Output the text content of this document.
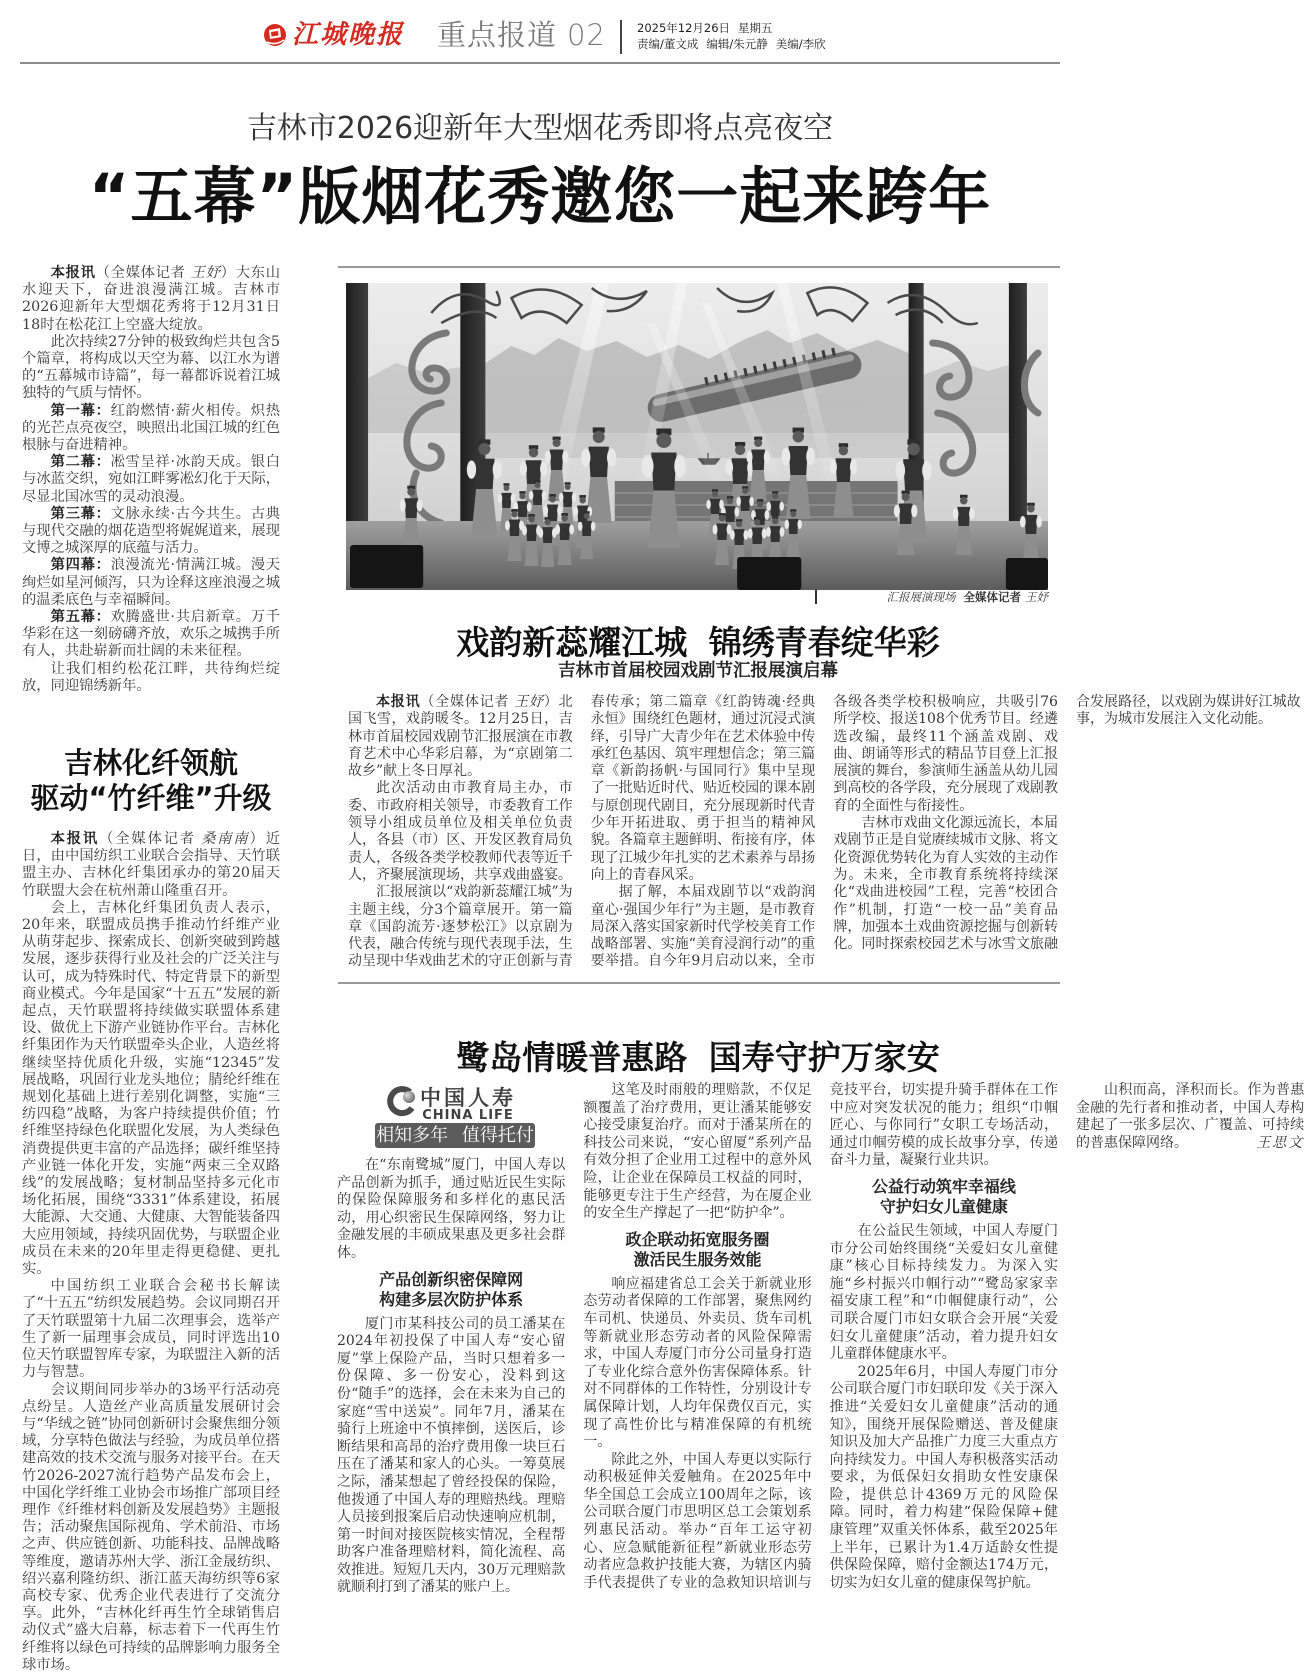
江城晚报 重点报道 02	2025年12月26日 星期五
责编/董文成 编辑/朱元静 美编/李欣
吉林市2026迎新年大型烟花秀即将点亮夜空
“五幕”版烟花秀邀您一起来跨年

本报讯（全媒体记者 王妤）大东山水迎天下，奋进浪漫满江城。吉林市2026迎新年大型烟花秀将于12月31日18时在松花江上空盛大绽放。

此次持续27分钟的极致绚烂共包含5个篇章，将构成以天空为幕、以江水为谱的“五幕城市诗篇”，每一幕都诉说着江城独特的气质与情怀。

第一幕：红韵燃情·薪火相传。炽热的光芒点亮夜空，映照出北国江城的红色根脉与奋进精神。

第二幕：凇雪呈祥·冰韵天成。银白与冰蓝交织，宛如江畔雾凇幻化于天际，尽显北国冰雪的灵动浪漫。

第三幕：文脉永续·古今共生。古典与现代交融的烟花造型将娓娓道来，展现文博之城深厚的底蕴与活力。

第四幕：浪漫流光·情满江城。漫天绚烂如星河倾泻，只为诠释这座浪漫之城的温柔底色与幸福瞬间。

第五幕：欢腾盛世·共启新章。万千华彩在这一刻磅礴齐放，欢乐之城携手所有人，共赴崭新而壮阔的未来征程。

让我们相约松花江畔，共待绚烂绽放，同迎锦绣新年。

吉林化纤领航
驱动“竹纤维”升级

本报讯（全媒体记者 桑南南）近日，由中国纺织工业联合会指导、天竹联盟主办、吉林化纤集团承办的第20届天竹联盟大会在杭州萧山隆重召开。

会上，吉林化纤集团负责人表示，20年来，联盟成员携手推动竹纤维产业从萌芽起步、探索成长、创新突破到跨越发展，逐步获得行业及社会的广泛关注与认可，成为特殊时代、特定背景下的新型商业模式。今年是国家“十五五”发展的新起点，天竹联盟将持续做实联盟体系建设、做优上下游产业链协作平台。吉林化纤集团作为天竹联盟牵头企业，人造丝将继续坚持优质化升级，实施“12345”发展战略，巩固行业龙头地位；腈纶纤维在规划化基础上进行差别化调整，实施“三纺四稳”战略，为客户持续提供价值；竹纤维坚持绿色化联盟化发展，为人类绿色消费提供更丰富的产品选择；碳纤维坚持产业链一体化开发，实施“两束三全双路线”的发展战略；复材制品坚持多元化市场化拓展，围绕“3331”体系建设，拓展大能源、大交通、大健康、大智能装备四大应用领域，持续巩固优势，与联盟企业成员在未来的20年里走得更稳健、更扎实。

中国纺织工业联合会秘书长解读了“十五五”纺织发展趋势。会议同期召开了天竹联盟第十九届二次理事会，选举产生了新一届理事会成员，同时评选出10位天竹联盟智库专家，为联盟注入新的活力与智慧。

会议期间同步举办的3场平行活动亮点纷呈。人造丝产业高质量发展研讨会与“华绒之链”协同创新研讨会聚焦细分领域，分享特色做法与经验，为成员单位搭建高效的技术交流与服务对接平台。在天竹2026-2027流行趋势产品发布会上，中国化学纤维工业协会市场推广部项目经理作《纤维材料创新及发展趋势》主题报告；活动聚焦国际视角、学术前沿、市场之声、供应链创新、功能科技、品牌战略等维度，邀请苏州大学、浙江金晟纺织、绍兴嘉利隆纺织、浙江蓝天海纺织等6家高校专家、优秀企业代表进行了交流分享。此外，“吉林化纤再生竹全球销售启动仪式”盛大启幕，标志着下一代再生竹纤维将以绿色可持续的品牌影响力服务全球市场。

汇报展演现场 全媒体记者 王妤
戏韵新蕊耀江城 锦绣青春绽华彩
吉林市首届校园戏剧节汇报展演启幕

本报讯（全媒体记者 王妤）北国飞雪，戏韵暖冬。12月25日，吉林市首届校园戏剧节汇报展演在市教育艺术中心华彩启幕，为“京剧第二故乡”献上冬日厚礼。

此次活动由市教育局主办，市委、市政府相关领导，市委教育工作领导小组成员单位及相关单位负责人，各县（市）区、开发区教育局负责人，各级各类学校教师代表等近千人，齐聚展演现场，共享戏曲盛宴。

汇报展演以“戏韵新蕊耀江城”为主题主线，分3个篇章展开。第一篇章《国韵流芳·逐梦松江》以京剧为代表，融合传统与现代表现手法，生动呈现中华戏曲艺术的守正创新与青春传承；第二篇章《红韵铸魂·经典永恒》围绕红色题材，通过沉浸式演绎，引导广大青少年在艺术体验中传承红色基因、筑牢理想信念；第三篇章《新韵扬帆·与国同行》集中呈现了一批贴近时代、贴近校园的课本剧与原创现代剧目，充分展现新时代青少年开拓进取、勇于担当的精神风貌。各篇章主题鲜明、衔接有序，体现了江城少年扎实的艺术素养与昂扬向上的青春风采。

据了解，本届戏剧节以“戏韵润童心·强国少年行”为主题，是市教育局深入落实国家新时代学校美育工作战略部署、实施“美育浸润行动”的重要举措。自今年9月启动以来，全市各级各类学校积极响应，共吸引76所学校、报送108个优秀节目。经遴选改编，最终11个涵盖戏剧、戏曲、朗诵等形式的精品节目登上汇报展演的舞台，参演师生涵盖从幼儿园到高校的各学段，充分展现了戏剧教育的全面性与衔接性。

吉林市戏曲文化源远流长，本届戏剧节正是自觉赓续城市文脉、将文化资源优势转化为育人实效的主动作为。未来，全市教育系统将持续深化“戏曲进校园”工程，完善“校团合作”机制，打造“一校一品”美育品牌，加强本土戏曲资源挖掘与创新转化。同时探索校园艺术与冰雪文旅融合发展路径，以戏剧为媒讲好江城故事，为城市发展注入文化动能。

鹭岛情暖普惠路 国寿守护万家安
中国人寿
CHINA LIFE
相知多年 值得托付

在“东南鹭城”厦门，中国人寿以产品创新为抓手，通过贴近民生实际的保险保障服务和多样化的惠民活动，用心织密民生保障网络，努力让金融发展的丰硕成果惠及更多社会群体。

产品创新织密保障网
构建多层次防护体系

厦门市某科技公司的员工潘某在2024年初投保了中国人寿“安心留厦”掌上保险产品，当时只想着多一份保障、多一份安心，没料到这份“随手”的选择，会在未来为自己的家庭“雪中送炭”。同年7月，潘某在骑行上班途中不慎摔倒，送医后，诊断结果和高昂的治疗费用像一块巨石压在了潘某和家人的心头。一筹莫展之际，潘某想起了曾经投保的保险，他拨通了中国人寿的理赔热线。理赔人员接到报案后启动快速响应机制，第一时间对接医院核实情况，全程帮助客户准备理赔材料，简化流程、高效推进。短短几天内，30万元理赔款就顺利打到了潘某的账户上。

这笔及时雨般的理赔款，不仅足额覆盖了治疗费用，更让潘某能够安心接受康复治疗。而对于潘某所在的科技公司来说，“安心留厦”系列产品有效分担了企业用工过程中的意外风险，让企业在保障员工权益的同时，能够更专注于生产经营，为在厦企业的安全生产撑起了一把“防护伞”。

政企联动拓宽服务圈
激活民生服务效能

响应福建省总工会关于新就业形态劳动者保障的工作部署，聚焦网约车司机、快递员、外卖员、货车司机等新就业形态劳动者的风险保障需求，中国人寿厦门市分公司量身打造了专业化综合意外伤害保障体系。针对不同群体的工作特性，分别设计专属保障计划，人均年保费仅百元，实现了高性价比与精准保障的有机统一。

除此之外，中国人寿更以实际行动积极延伸关爱触角。在2025年中华全国总工会成立100周年之际，该公司联合厦门市思明区总工会策划系列惠民活动。举办“百年工运守初心、应急赋能新征程”新就业形态劳动者应急救护技能大赛，为辖区内骑手代表提供了专业的急救知识培训与竞技平台，切实提升骑手群体在工作中应对突发状况的能力；组织“巾帼匠心、与你同行”女职工专场活动，通过巾帼劳模的成长故事分享，传递奋斗力量，凝聚行业共识。

公益行动筑牢幸福线
守护妇女儿童健康

在公益民生领域，中国人寿厦门市分公司始终围绕“关爱妇女儿童健康”核心目标持续发力。为深入实施“乡村振兴巾帼行动”“鹭岛家家幸福安康工程”和“巾帼健康行动”，公司联合厦门市妇女联合会开展“关爱妇女儿童健康”活动，着力提升妇女儿童群体健康水平。

2025年6月，中国人寿厦门市分公司联合厦门市妇联印发《关于深入推进“关爱妇女儿童健康”活动的通知》，围绕开展保险赠送、普及健康知识及加大产品推广力度三大重点方向持续发力。中国人寿积极落实活动要求，为低保妇女捐助女性安康保险，提供总计4369万元的风险保障。同时，着力构建“保险保障+健康管理”双重关怀体系，截至2025年上半年，已累计为1.4万适龄女性提供保险保障，赔付金额达174万元，切实为妇女儿童的健康保驾护航。

山积而高，泽积而长。作为普惠金融的先行者和推动者，中国人寿构建起了一张多层次、广覆盖、可持续的普惠保障网络。	王思文
